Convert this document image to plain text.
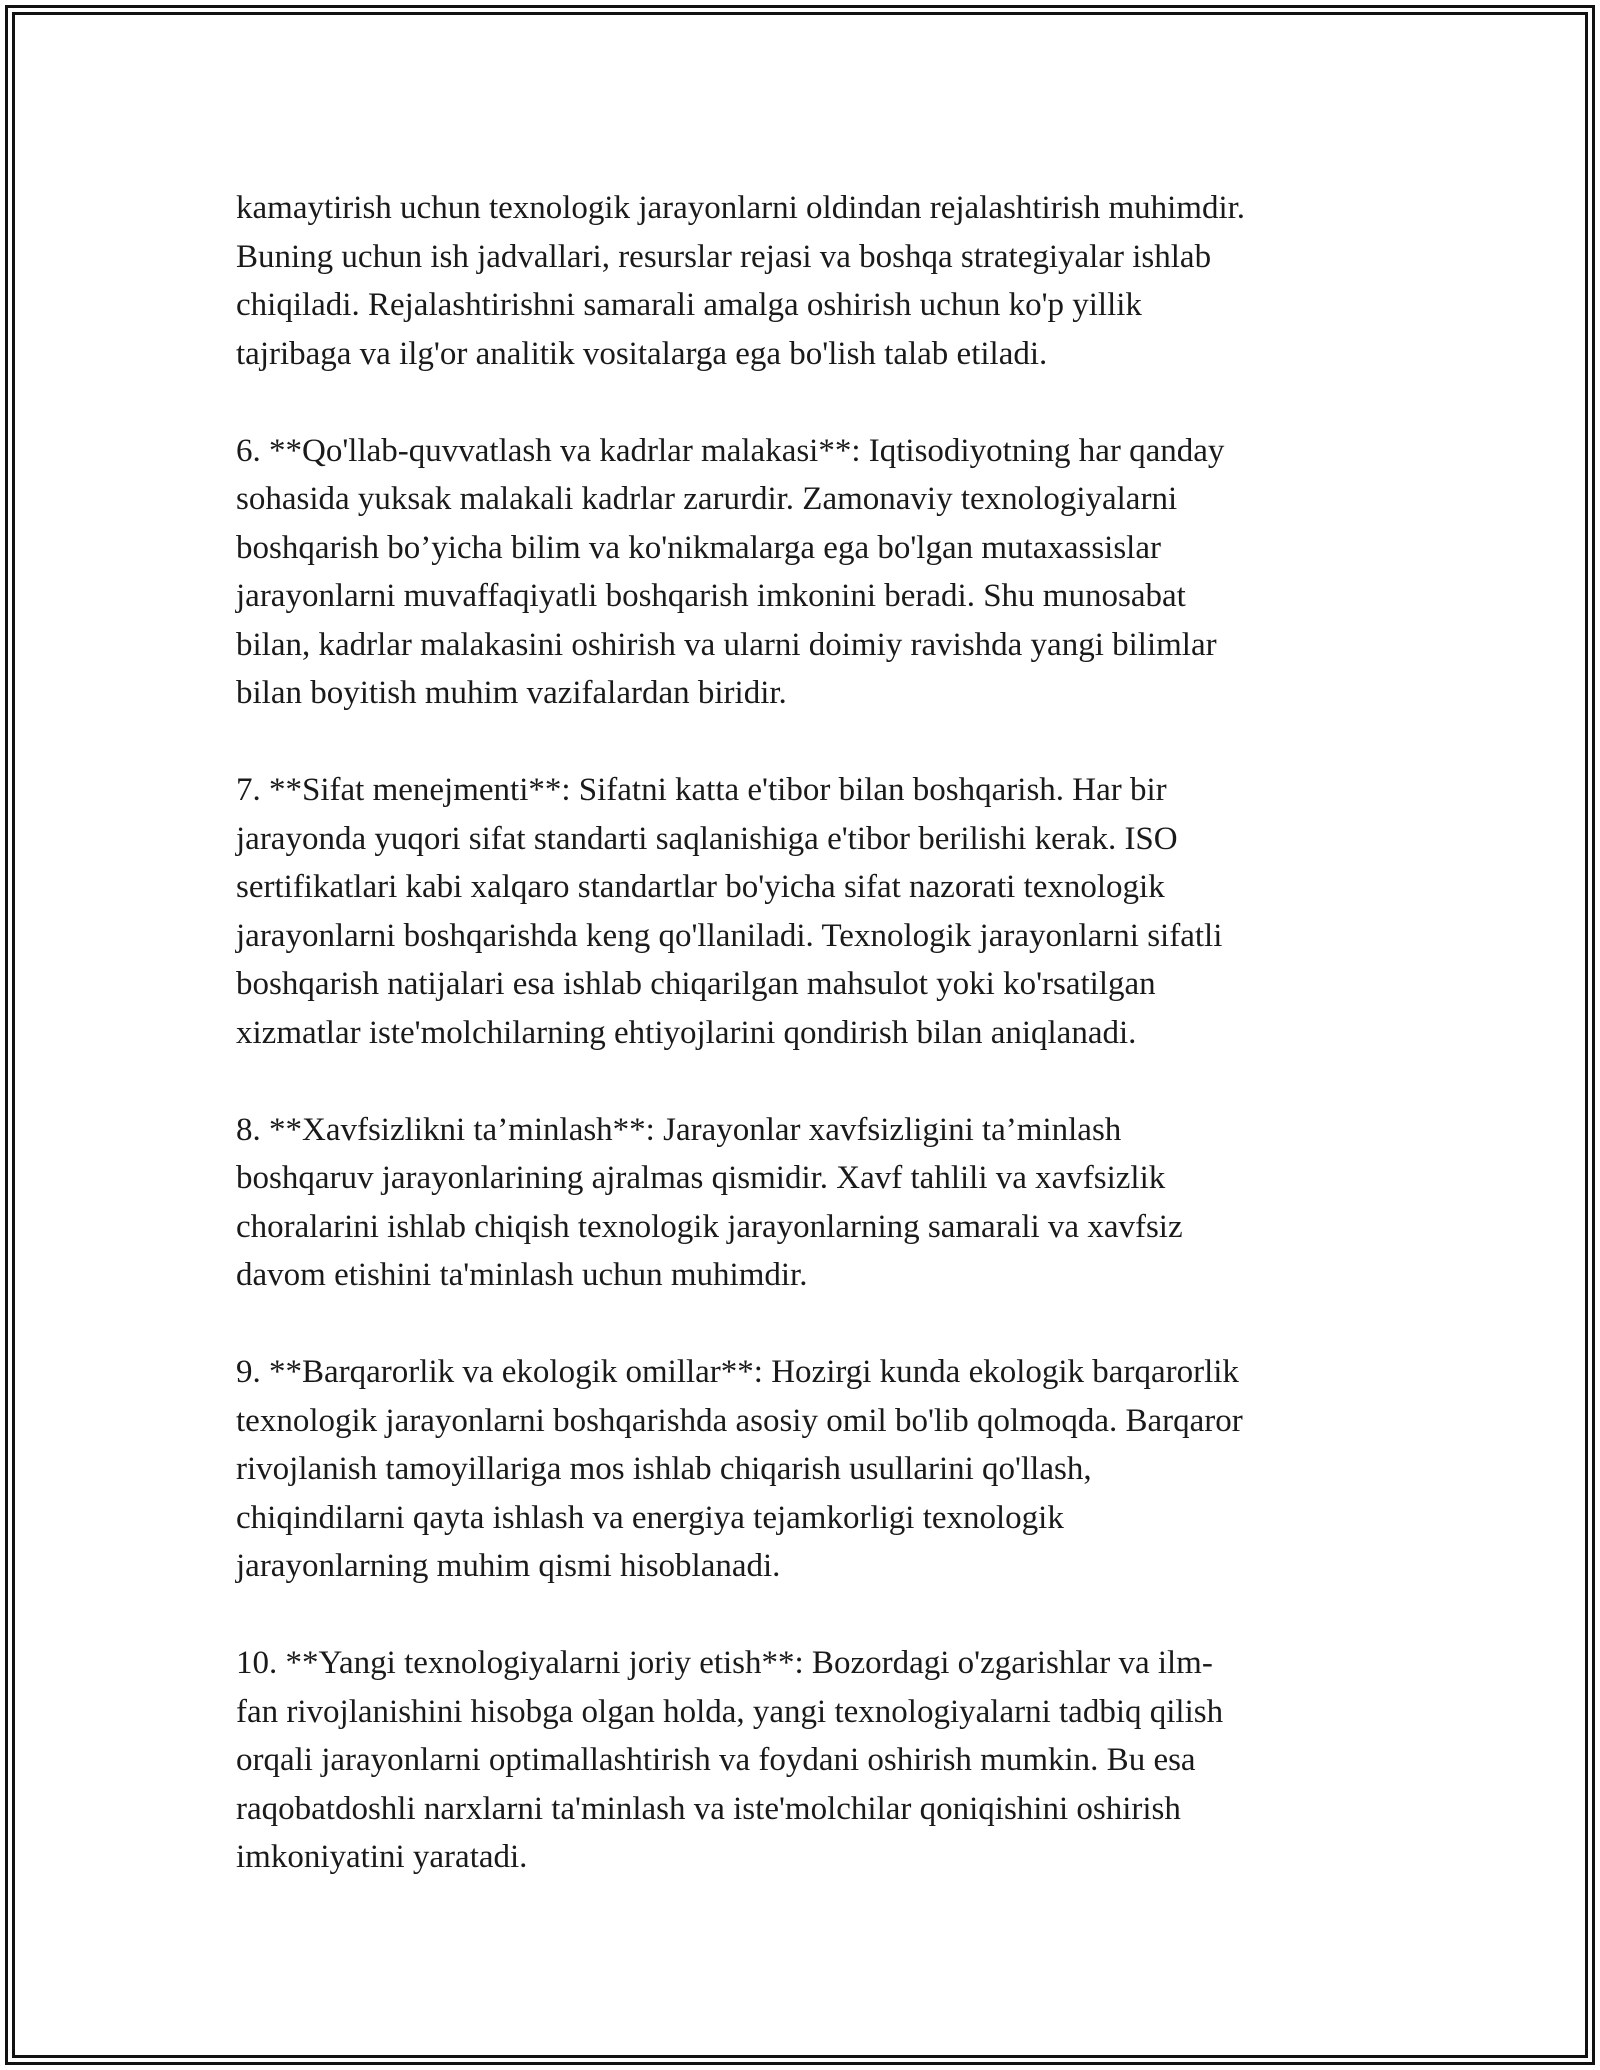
kamaytirish uchun texnologik jarayonlarni oldindan rejalashtirish muhimdir.
Buning uchun ish jadvallari, resurslar rejasi va boshqa strategiyalar ishlab
chiqiladi. Rejalashtirishni samarali amalga oshirish uchun ko'p yillik
tajribaga va ilg'or analitik vositalarga ega bo'lish talab etiladi.

6. **Qo'llab-quvvatlash va kadrlar malakasi**: Iqtisodiyotning har qanday
sohasida yuksak malakali kadrlar zarurdir. Zamonaviy texnologiyalarni
boshqarish bo’yicha bilim va ko'nikmalarga ega bo'lgan mutaxassislar
jarayonlarni muvaffaqiyatli boshqarish imkonini beradi. Shu munosabat
bilan, kadrlar malakasini oshirish va ularni doimiy ravishda yangi bilimlar
bilan boyitish muhim vazifalardan biridir.

7. **Sifat menejmenti**: Sifatni katta e'tibor bilan boshqarish. Har bir
jarayonda yuqori sifat standarti saqlanishiga e'tibor berilishi kerak. ISO
sertifikatlari kabi xalqaro standartlar bo'yicha sifat nazorati texnologik
jarayonlarni boshqarishda keng qo'llaniladi. Texnologik jarayonlarni sifatli
boshqarish natijalari esa ishlab chiqarilgan mahsulot yoki ko'rsatilgan
xizmatlar iste'molchilarning ehtiyojlarini qondirish bilan aniqlanadi.

8. **Xavfsizlikni ta’minlash**: Jarayonlar xavfsizligini ta’minlash
boshqaruv jarayonlarining ajralmas qismidir. Xavf tahlili va xavfsizlik
choralarini ishlab chiqish texnologik jarayonlarning samarali va xavfsiz
davom etishini ta'minlash uchun muhimdir.

9. **Barqarorlik va ekologik omillar**: Hozirgi kunda ekologik barqarorlik
texnologik jarayonlarni boshqarishda asosiy omil bo'lib qolmoqda. Barqaror
rivojlanish tamoyillariga mos ishlab chiqarish usullarini qo'llash,
chiqindilarni qayta ishlash va energiya tejamkorligi texnologik
jarayonlarning muhim qismi hisoblanadi.

10. **Yangi texnologiyalarni joriy etish**: Bozordagi o'zgarishlar va ilm-
fan rivojlanishini hisobga olgan holda, yangi texnologiyalarni tadbiq qilish
orqali jarayonlarni optimallashtirish va foydani oshirish mumkin. Bu esa
raqobatdoshli narxlarni ta'minlash va iste'molchilar qoniqishini oshirish
imkoniyatini yaratadi.
